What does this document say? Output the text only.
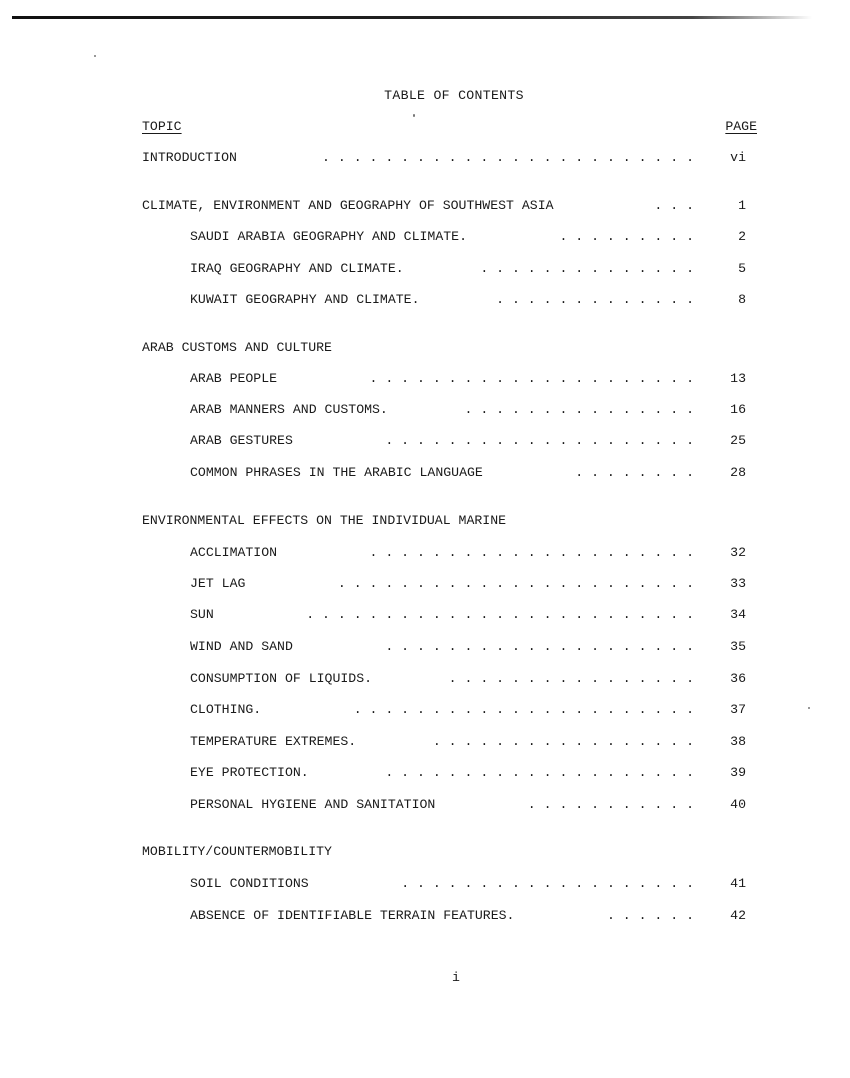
TABLE OF CONTENTS
TOPIC	PAGE
INTRODUCTION	. . . . . . . . . . . . . . . . . . . . . . . .	vi
CLIMATE, ENVIRONMENT AND GEOGRAPHY OF SOUTHWEST ASIA	. . .	1
SAUDI ARABIA GEOGRAPHY AND CLIMATE.	. . . . . . . . .	2
IRAQ GEOGRAPHY AND CLIMATE.	. . . . . . . . . . . . . .	5
KUWAIT GEOGRAPHY AND CLIMATE.	. . . . . . . . . . . . .	8
ARAB CUSTOMS AND CULTURE
ARAB PEOPLE	. . . . . . . . . . . . . . . . . . . . .	13
ARAB MANNERS AND CUSTOMS.	. . . . . . . . . . . . . . .	16
ARAB GESTURES	. . . . . . . . . . . . . . . . . . . .	25
COMMON PHRASES IN THE ARABIC LANGUAGE	. . . . . . . .	28
ENVIRONMENTAL EFFECTS ON THE INDIVIDUAL MARINE
ACCLIMATION	. . . . . . . . . . . . . . . . . . . . .	32
JET LAG	. . . . . . . . . . . . . . . . . . . . . . .	33
SUN	. . . . . . . . . . . . . . . . . . . . . . . . .	34
WIND AND SAND	. . . . . . . . . . . . . . . . . . . .	35
CONSUMPTION OF LIQUIDS.	. . . . . . . . . . . . . . . .	36
CLOTHING.	. . . . . . . . . . . . . . . . . . . . . .	37
TEMPERATURE EXTREMES.	. . . . . . . . . . . . . . . . .	38
EYE PROTECTION.	. . . . . . . . . . . . . . . . . . . .	39
PERSONAL HYGIENE AND SANITATION	. . . . . . . . . . .	40
MOBILITY/COUNTERMOBILITY
SOIL CONDITIONS	. . . . . . . . . . . . . . . . . . .	41
ABSENCE OF IDENTIFIABLE TERRAIN FEATURES.	. . . . . .	42
i
